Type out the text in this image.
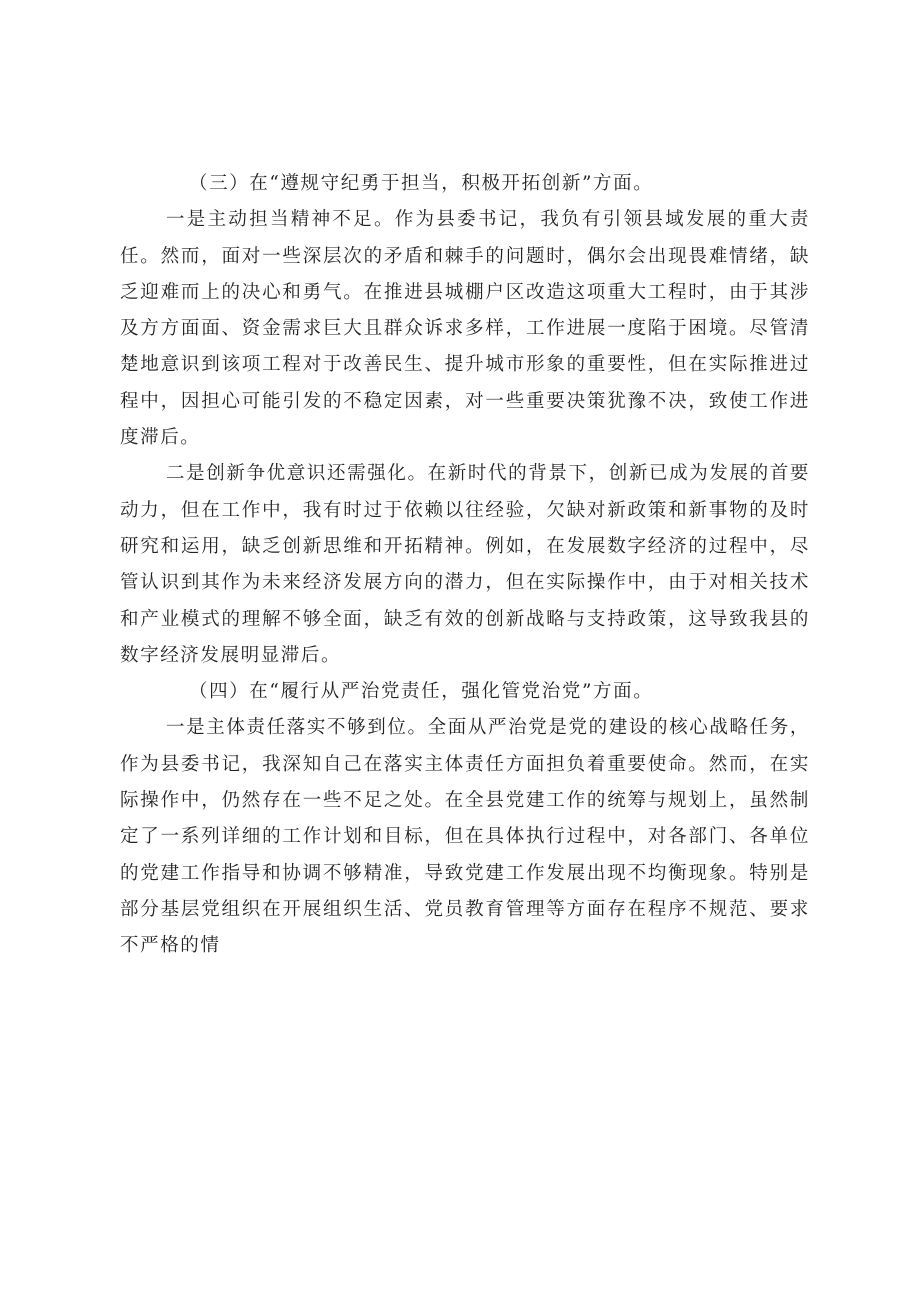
（三）在“遵规守纪勇于担当，积极开拓创新”方面。

一是主动担当精神不足。作为县委书记，我负有引领县域发展的重大责任。然而，面对一些深层次的矛盾和棘手的问题时，偶尔会出现畏难情绪，缺乏迎难而上的决心和勇气。在推进县城棚户区改造这项重大工程时，由于其涉及方方面面、资金需求巨大且群众诉求多样，工作进展一度陷于困境。尽管清楚地意识到该项工程对于改善民生、提升城市形象的重要性，但在实际推进过程中，因担心可能引发的不稳定因素，对一些重要决策犹豫不决，致使工作进度滞后。

二是创新争优意识还需强化。在新时代的背景下，创新已成为发展的首要动力，但在工作中，我有时过于依赖以往经验，欠缺对新政策和新事物的及时研究和运用，缺乏创新思维和开拓精神。例如，在发展数字经济的过程中，尽管认识到其作为未来经济发展方向的潜力，但在实际操作中，由于对相关技术和产业模式的理解不够全面，缺乏有效的创新战略与支持政策，这导致我县的数字经济发展明显滞后。

（四）在“履行从严治党责任，强化管党治党”方面。

一是主体责任落实不够到位。全面从严治党是党的建设的核心战略任务，作为县委书记，我深知自己在落实主体责任方面担负着重要使命。然而，在实际操作中，仍然存在一些不足之处。在全县党建工作的统筹与规划上，虽然制定了一系列详细的工作计划和目标，但在具体执行过程中，对各部门、各单位的党建工作指导和协调不够精准，导致党建工作发展出现不均衡现象。特别是部分基层党组织在开展组织生活、党员教育管理等方面存在程序不规范、要求不严格的情
